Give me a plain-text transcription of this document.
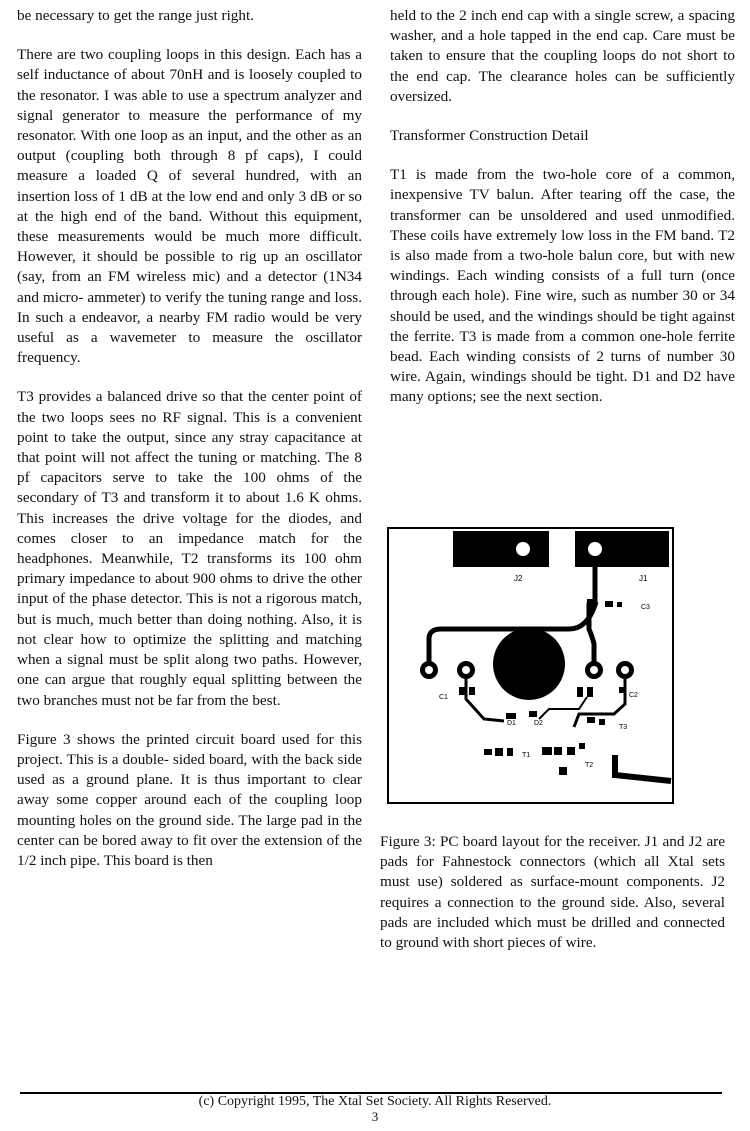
be necessary to get the range just right.

There are two coupling loops in this design. Each has a self inductance of about 70nH and is loosely coupled to the resonator. I was able to use a spectrum analyzer and signal generator to measure the performance of my resonator. With one loop as an input, and the other as an output (coupling both through 8 pf caps), I could measure a loaded Q of several hundred, with an insertion loss of 1 dB at the low end and only 3 dB or so at the high end of the band. Without this equipment, these measurements would be much more difficult. However, it should be possible to rig up an oscillator (say, from an FM wireless mic) and a detector (1N34 and micro- ammeter) to verify the tuning range and loss. In such a endeavor, a nearby FM radio would be very useful as a wavemeter to measure the oscillator frequency.

T3 provides a balanced drive so that the center point of the two loops sees no RF signal. This is a convenient point to take the output, since any stray capacitance at that point will not affect the tuning or matching. The 8 pf capacitors serve to take the 100 ohms of the secondary of T3 and transform it to about 1.6 K ohms. This increases the drive voltage for the diodes, and comes closer to an impedance match for the headphones. Meanwhile, T2 transforms its 100 ohm primary impedance to about 900 ohms to drive the other input of the phase detector. This is not a rigorous match, but is much, much better than doing nothing. Also, it is not clear how to optimize the splitting and matching when a signal must be split along two paths. However, one can argue that roughly equal splitting between the two branches must not be far from the best.

Figure 3 shows the printed circuit board used for this project. This is a double- sided board, with the back side used as a ground plane. It is thus important to clear away some copper around each of the coupling loop mounting holes on the ground side. The large pad in the center can be bored away to fit over the extension of the 1/2 inch pipe. This board is then

held to the 2 inch end cap with a single screw, a spacing washer, and a hole tapped in the end cap. Care must be taken to ensure that the coupling loops do not short to the end cap. The clearance holes can be sufficiently oversized.

Transformer Construction Detail

T1 is made from the two-hole core of a common, inexpensive TV balun. After tearing off the case, the transformer can be unsoldered and used unmodified. These coils have extremely low loss in the FM band. T2 is also made from a two-hole balun core, but with new windings. Each winding consists of a full turn (once through each hole). Fine wire, such as number 30 or 34 should be used, and the windings should be tight against the ferrite. T3 is made from a common one-hole ferrite bead. Each winding consists of 2 turns of number 30 wire. Again, windings should be tight. D1 and D2 have many options; see the next section.

J2	J1
C3
C1	C2
D1	D2
T3
T1
T2

Figure 3: PC board layout for the receiver. J1 and J2 are pads for Fahnestock connectors (which all Xtal sets must use) soldered as surface-mount components. J2 requires a connection to the ground side. Also, several pads are included which must be drilled and connected to ground with short pieces of wire.

(c) Copyright 1995, The Xtal Set Society. All Rights Reserved.
3
